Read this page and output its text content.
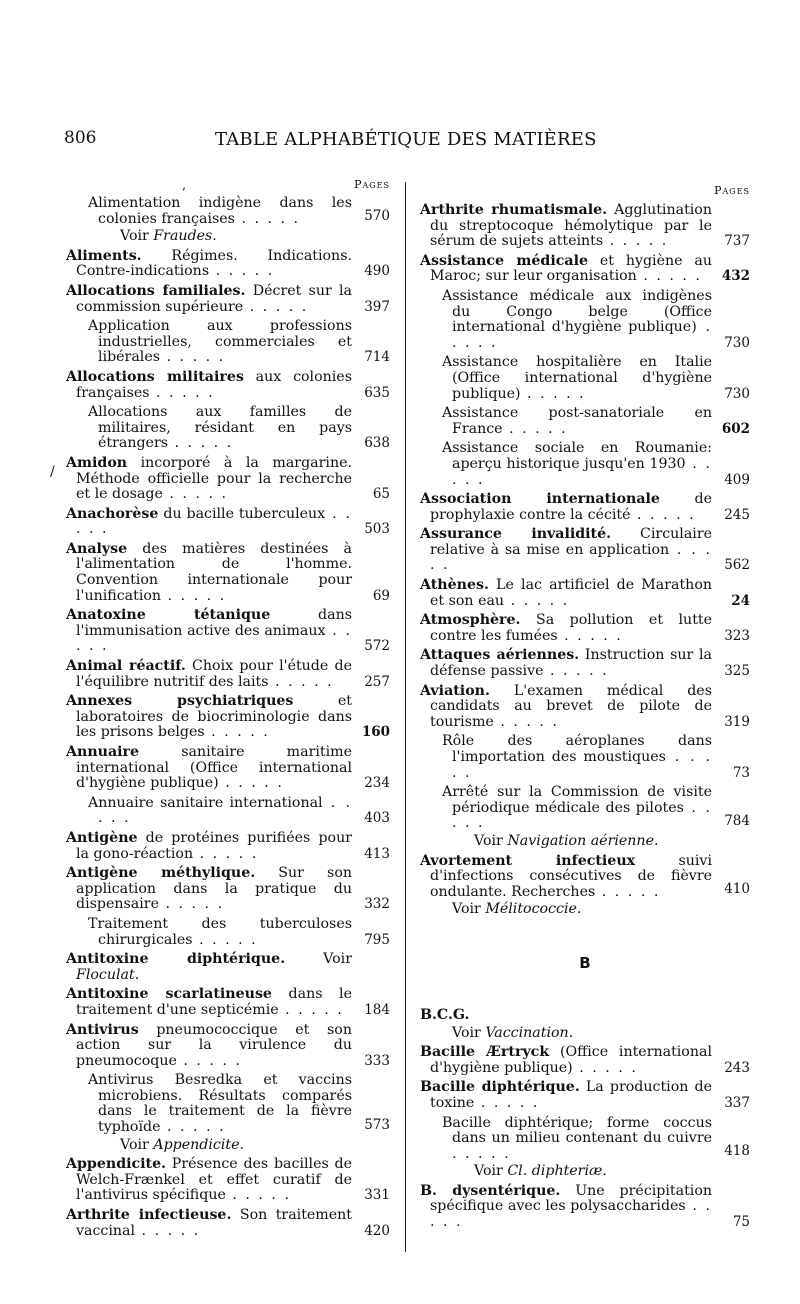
806	TABLE ALPHABÉTIQUE DES MATIÈRES
/
,	Pages
Alimentation indigène dans les colonies françaises . . . . .	570
Voir Fraudes.
Aliments. Régimes. Indications. Contre-indications . . . . .	490
Allocations familiales. Décret sur la commission supérieure . . . . .	397
Application aux professions industrielles, commerciales et libérales . . . . .	714
Allocations militaires aux colonies françaises . . . . .	635
Allocations aux familles de militaires, résidant en pays étrangers . . . . .	638
Amidon incorporé à la margarine. Méthode officielle pour la recherche et le dosage . . . . .	65
Anachorèse du bacille tuberculeux . . . . .	503
Analyse des matières destinées à l'alimentation de l'homme. Convention internationale pour l'unification . . . . .	69
Anatoxine tétanique dans l'immunisation active des animaux . . . . .	572
Animal réactif. Choix pour l'étude de l'équilibre nutritif des laits . . . . . 257
Annexes psychiatriques et laboratoires de biocriminologie dans les prisons belges . . . . .	160
Annuaire sanitaire maritime international (Office international d'hygiène publique) . . . . .	234
Annuaire sanitaire international . . . . .	403
Antigène de protéines purifiées pour la gono-réaction . . . . .	413
Antigène méthylique. Sur son application dans la pratique du dispensaire . . . . .	332
Traitement des tuberculoses chirurgicales . . . . .	795
Antitoxine diphtérique. Voir Floculat.
Antitoxine scarlatineuse dans le traitement d'une septicémie . . . . . 184
Antivirus pneumococcique et son action sur la virulence du pneumocoque . . . . .	333
Antivirus Besredka et vaccins microbiens. Résultats comparés dans le traitement de la fièvre typhoïde . . . . .	573
Voir Appendicite.
Appendicite. Présence des bacilles de Welch-Frænkel et effet curatif de l'antivirus spécifique . . . . .	331
Arthrite infectieuse. Son traitement vaccinal . . . . .	420
Pages
Arthrite rhumatismale. Agglutination du streptocoque hémolytique par le sérum de sujets atteints . . . . .	737
Assistance médicale et hygiène au Maroc; sur leur organisation . . . . . 432
Assistance médicale aux indigènes du Congo belge (Office international d'hygiène publique) . . . . .	730
Assistance hospitalière en Italie (Office international d'hygiène publique) . . . . .	730
Assistance post-sanatoriale en France . . . . .	602
Assistance sociale en Roumanie: aperçu historique jusqu'en 1930 . . . . .	409
Association internationale de prophylaxie contre la cécité . . . . . 245
Assurance invalidité. Circulaire relative à sa mise en application . . . . .	562
Athènes. Le lac artificiel de Marathon et son eau . . . . .	24
Atmosphère. Sa pollution et lutte contre les fumées . . . . .	323
Attaques aériennes. Instruction sur la défense passive . . . . .	325
Aviation. L'examen médical des candidats au brevet de pilote de tourisme . . . . .	319
Rôle des aéroplanes dans l'importation des moustiques . . . . .	73
Arrêté sur la Commission de visite périodique médicale des pilotes . . . . .	784
Voir Navigation aérienne.
Avortement infectieux suivi d'infections consécutives de fièvre ondulante. Recherches . . . . .	410
Voir Mélitococcie.
B
B.C.G.
Voir Vaccination.
Bacille Ærtryck (Office international d'hygiène publique) . . . . .	243
Bacille diphtérique. La production de toxine . . . . .	337
Bacille diphtérique; forme coccus dans un milieu contenant du cuivre . . . . .	418
Voir Cl. diphteriæ.
B. dysentérique. Une précipitation spécifique avec les polysaccharides . . . . .	75
